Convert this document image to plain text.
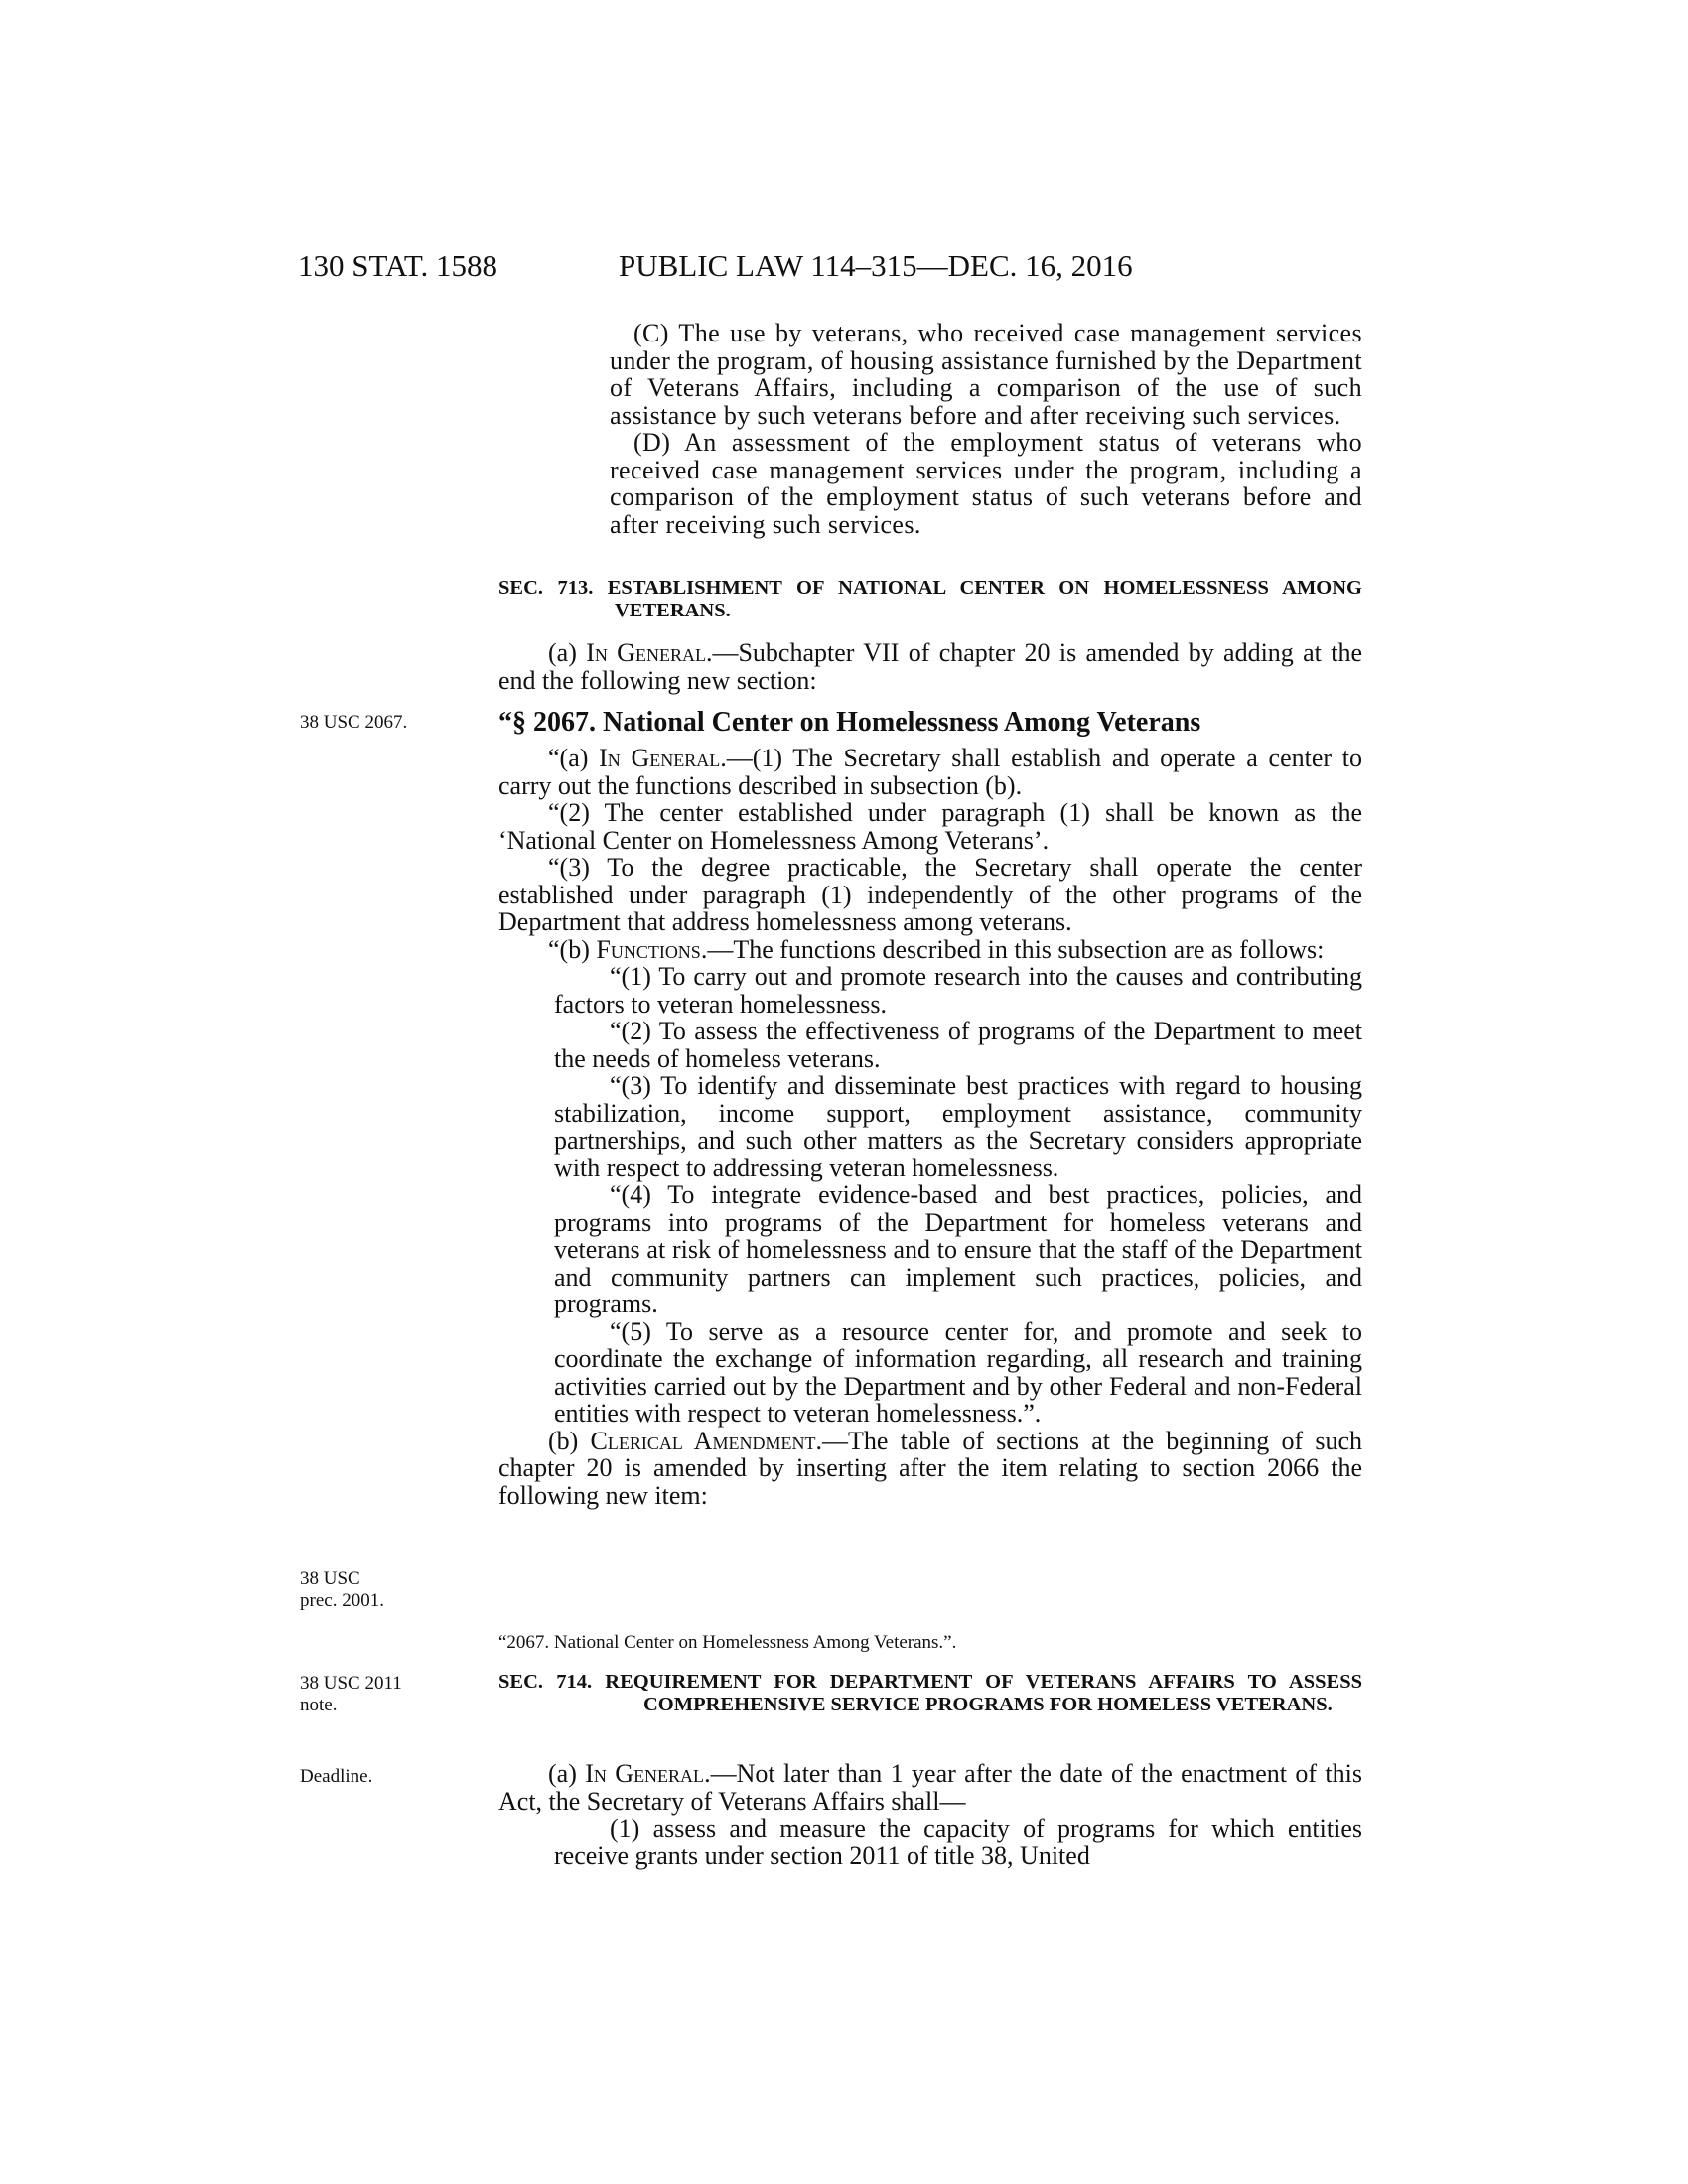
130 STAT. 1588	PUBLIC LAW 114–315—DEC. 16, 2016

(C) The use by veterans, who received case management services under the program, of housing assistance furnished by the Department of Veterans Affairs, including a comparison of the use of such assistance by such veterans before and after receiving such services.

(D) An assessment of the employment status of veterans who received case management services under the program, including a comparison of the employment status of such veterans before and after receiving such services.

SEC. 713. ESTABLISHMENT OF NATIONAL CENTER ON HOMELESSNESS AMONG VETERANS.

(a) In General.—Subchapter VII of chapter 20 is amended by adding at the end the following new section:

38 USC 2067.	“§ 2067. National Center on Homelessness Among Veterans

“(a) In General.—(1) The Secretary shall establish and operate a center to carry out the functions described in subsection (b).

“(2) The center established under paragraph (1) shall be known as the ‘National Center on Homelessness Among Veterans’.

“(3) To the degree practicable, the Secretary shall operate the center established under paragraph (1) independently of the other programs of the Department that address homelessness among veterans.

“(b) Functions.—The functions described in this subsection are as follows:

“(1) To carry out and promote research into the causes and contributing factors to veteran homelessness.

“(2) To assess the effectiveness of programs of the Department to meet the needs of homeless veterans.

“(3) To identify and disseminate best practices with regard to housing stabilization, income support, employment assistance, community partnerships, and such other matters as the Secretary considers appropriate with respect to addressing veteran homelessness.

“(4) To integrate evidence-based and best practices, policies, and programs into programs of the Department for homeless veterans and veterans at risk of homelessness and to ensure that the staff of the Department and community partners can implement such practices, policies, and programs.

“(5) To serve as a resource center for, and promote and seek to coordinate the exchange of information regarding, all research and training activities carried out by the Department and by other Federal and non-Federal entities with respect to veteran homelessness.”.

(b) Clerical Amendment.—The table of sections at the beginning of such chapter 20 is amended by inserting after the item relating to section 2066 the following new item:

38 USC
prec. 2001.
“2067. National Center on Homelessness Among Veterans.”.
38 USC 2011
note.
SEC. 714. REQUIREMENT FOR DEPARTMENT OF VETERANS AFFAIRS TO ASSESS COMPREHENSIVE SERVICE PROGRAMS FOR HOMELESS VETERANS.
Deadline.	(a) In General.—Not later than 1 year after the date of the enactment of this Act, the Secretary of Veterans Affairs shall—

(1) assess and measure the capacity of programs for which entities receive grants under section 2011 of title 38, United
